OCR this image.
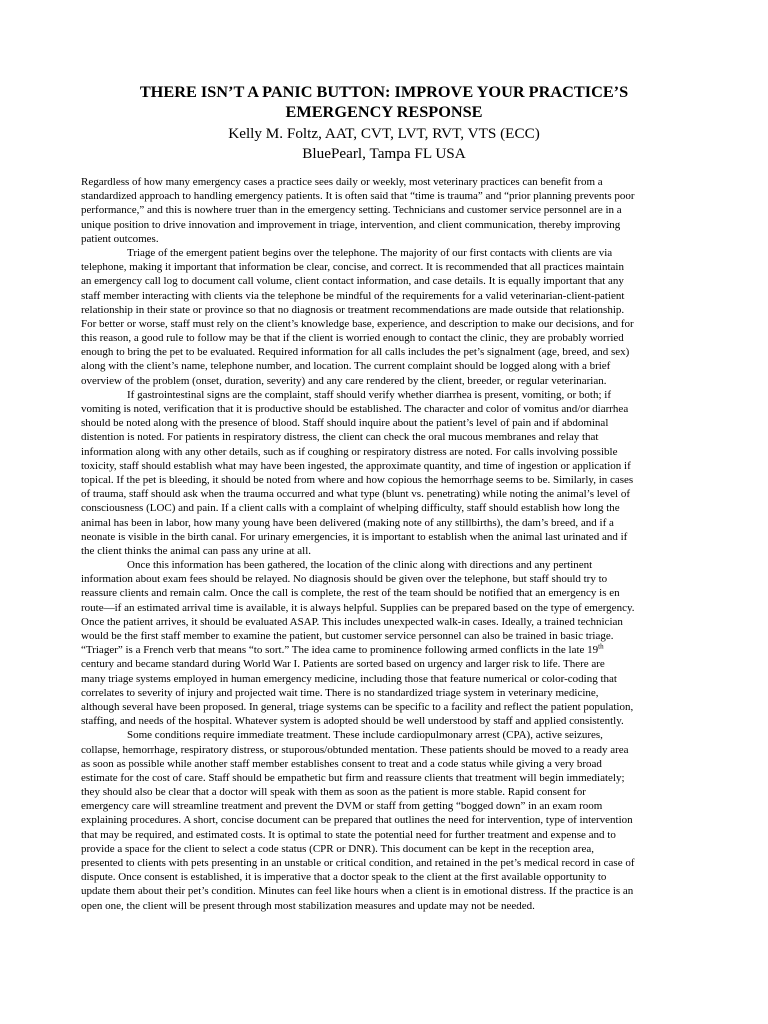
THERE ISN’T A PANIC BUTTON: IMPROVE YOUR PRACTICE’S
EMERGENCY RESPONSE
Kelly M. Foltz, AAT, CVT, LVT, RVT, VTS (ECC)
BluePearl, Tampa FL USA
Regardless of how many emergency cases a practice sees daily or weekly, most veterinary practices can benefit from a
standardized approach to handling emergency patients. It is often said that “time is trauma” and “prior planning prevents poor
performance,” and this is nowhere truer than in the emergency setting. Technicians and customer service personnel are in a
unique position to drive innovation and improvement in triage, intervention, and client communication, thereby improving
patient outcomes.
Triage of the emergent patient begins over the telephone. The majority of our first contacts with clients are via
telephone, making it important that information be clear, concise, and correct. It is recommended that all practices maintain
an emergency call log to document call volume, client contact information, and case details. It is equally important that any
staff member interacting with clients via the telephone be mindful of the requirements for a valid veterinarian-client-patient
relationship in their state or province so that no diagnosis or treatment recommendations are made outside that relationship.
For better or worse, staff must rely on the client’s knowledge base, experience, and description to make our decisions, and for
this reason, a good rule to follow may be that if the client is worried enough to contact the clinic, they are probably worried
enough to bring the pet to be evaluated. Required information for all calls includes the pet’s signalment (age, breed, and sex)
along with the client’s name, telephone number, and location. The current complaint should be logged along with a brief
overview of the problem (onset, duration, severity) and any care rendered by the client, breeder, or regular veterinarian.
If gastrointestinal signs are the complaint, staff should verify whether diarrhea is present, vomiting, or both; if
vomiting is noted, verification that it is productive should be established. The character and color of vomitus and/or diarrhea
should be noted along with the presence of blood. Staff should inquire about the patient’s level of pain and if abdominal
distention is noted. For patients in respiratory distress, the client can check the oral mucous membranes and relay that
information along with any other details, such as if coughing or respiratory distress are noted. For calls involving possible
toxicity, staff should establish what may have been ingested, the approximate quantity, and time of ingestion or application if
topical. If the pet is bleeding, it should be noted from where and how copious the hemorrhage seems to be. Similarly, in cases
of trauma, staff should ask when the trauma occurred and what type (blunt vs. penetrating) while noting the animal’s level of
consciousness (LOC) and pain. If a client calls with a complaint of whelping difficulty, staff should establish how long the
animal has been in labor, how many young have been delivered (making note of any stillbirths), the dam’s breed, and if a
neonate is visible in the birth canal. For urinary emergencies, it is important to establish when the animal last urinated and if
the client thinks the animal can pass any urine at all.
Once this information has been gathered, the location of the clinic along with directions and any pertinent
information about exam fees should be relayed. No diagnosis should be given over the telephone, but staff should try to
reassure clients and remain calm. Once the call is complete, the rest of the team should be notified that an emergency is en
route—if an estimated arrival time is available, it is always helpful. Supplies can be prepared based on the type of emergency.
Once the patient arrives, it should be evaluated ASAP. This includes unexpected walk-in cases. Ideally, a trained technician
would be the first staff member to examine the patient, but customer service personnel can also be trained in basic triage.
“Triager” is a French verb that means “to sort.” The idea came to prominence following armed conflicts in the late 19th
century and became standard during World War I. Patients are sorted based on urgency and larger risk to life. There are
many triage systems employed in human emergency medicine, including those that feature numerical or color-coding that
correlates to severity of injury and projected wait time. There is no standardized triage system in veterinary medicine,
although several have been proposed. In general, triage systems can be specific to a facility and reflect the patient population,
staffing, and needs of the hospital. Whatever system is adopted should be well understood by staff and applied consistently.
Some conditions require immediate treatment. These include cardiopulmonary arrest (CPA), active seizures,
collapse, hemorrhage, respiratory distress, or stuporous/obtunded mentation. These patients should be moved to a ready area
as soon as possible while another staff member establishes consent to treat and a code status while giving a very broad
estimate for the cost of care. Staff should be empathetic but firm and reassure clients that treatment will begin immediately;
they should also be clear that a doctor will speak with them as soon as the patient is more stable. Rapid consent for
emergency care will streamline treatment and prevent the DVM or staff from getting “bogged down” in an exam room
explaining procedures. A short, concise document can be prepared that outlines the need for intervention, type of intervention
that may be required, and estimated costs. It is optimal to state the potential need for further treatment and expense and to
provide a space for the client to select a code status (CPR or DNR). This document can be kept in the reception area,
presented to clients with pets presenting in an unstable or critical condition, and retained in the pet’s medical record in case of
dispute. Once consent is established, it is imperative that a doctor speak to the client at the first available opportunity to
update them about their pet’s condition. Minutes can feel like hours when a client is in emotional distress. If the practice is an
open one, the client will be present through most stabilization measures and update may not be needed.
